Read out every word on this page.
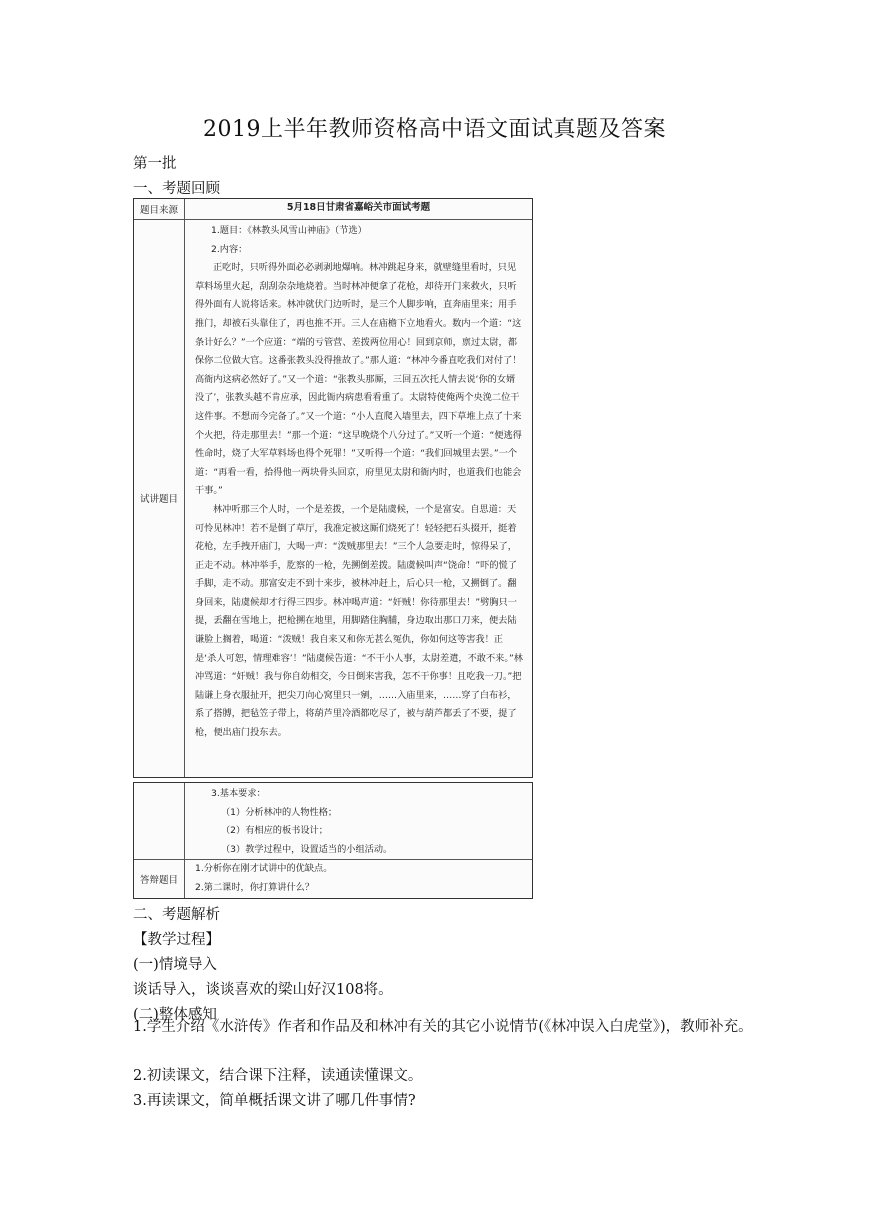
2019上半年教师资格高中语文面试真题及答案
第一批
一、考题回顾
题目来源	5月18日甘肃省嘉峪关市面试考题
试讲题目

1.题目：《林教头风雪山神庙》（节选）

2.内容：

正吃时，只听得外面必必剥剥地爆响。林冲跳起身来，就壁缝里看时，只见草料场里火起，刮刮杂杂地烧着。当时林冲便拿了花枪，却待开门来救火，只听得外面有人说将话来。林冲就伏门边听时，是三个人脚步响，直奔庙里来；用手推门，却被石头靠住了，再也推不开。三人在庙檐下立地看火。数内一个道：“这条计好么？”一个应道：“端的亏管营、差拨两位用心！回到京师，禀过太尉，都保你二位做大官。这番张教头没得推故了。”那人道：“林冲今番直吃我们对付了！高衙内这病必然好了。”又一个道：“张教头那厮，三回五次托人情去说‘你的女婿没了’，张教头越不肯应承，因此衙内病患看看重了。太尉特使俺两个央浼二位干这件事。不想而今完备了。”又一个道：“小人直爬入墙里去，四下草堆上点了十来个火把，待走那里去！”那一个道：“这早晚烧个八分过了。”又听一个道：“便逃得性命时，烧了大军草料场也得个死罪！”又听得一个道：“我们回城里去罢。”一个道：“再看一看，拾得他一两块骨头回京，府里见太尉和衙内时，也道我们也能会干事。”

林冲听那三个人时，一个是差拨，一个是陆虞候，一个是富安。自思道：天可怜见林冲！若不是倒了草厅，我准定被这厮们烧死了！轻轻把石头掇开，挺着花枪，左手拽开庙门，大喝一声：“泼贼那里去！”三个人急要走时，惊得呆了，正走不动。林冲举手，肐察的一枪，先搠倒差拨。陆虞候叫声“饶命！”吓的慌了手脚，走不动。那富安走不到十来步，被林冲赶上，后心只一枪，又搠倒了。翻身回来，陆虞候却才行得三四步。林冲喝声道：“奸贼！你待那里去！”劈胸只一提，丢翻在雪地上，把枪搠在地里，用脚踏住胸脯，身边取出那口刀来，便去陆谦脸上搁着，喝道：“泼贼！我自来又和你无甚么冤仇，你如何这等害我！正是‘杀人可恕，情理难容’！”陆虞候告道：“不干小人事，太尉差遣，不敢不来。”林冲骂道：“奸贼！我与你自幼相交，今日倒来害我，怎不干你事！且吃我一刀。”把陆谦上身衣服扯开，把尖刀向心窝里只一剜，……入庙里来，……穿了白布衫，系了搭膊，把毡笠子带上，将葫芦里冷酒都吃尽了，被与葫芦都丢了不要，提了枪，便出庙门投东去。

3.基本要求：

（1）分析林冲的人物性格；

（2）有相应的板书设计；

（3）教学过程中，设置适当的小组活动。

答辩题目

1.分析你在刚才试讲中的优缺点。

2.第二课时，你打算讲什么？

二、考题解析
【教学过程】
(一)情境导入
谈话导入，谈谈喜欢的梁山好汉108将。
(二)整体感知
1.学生介绍《水浒传》作者和作品及和林冲有关的其它小说情节(《林冲误入白虎堂》)，教师补充。
2.初读课文，结合课下注释，读通读懂课文。
3.再读课文，简单概括课文讲了哪几件事情?
